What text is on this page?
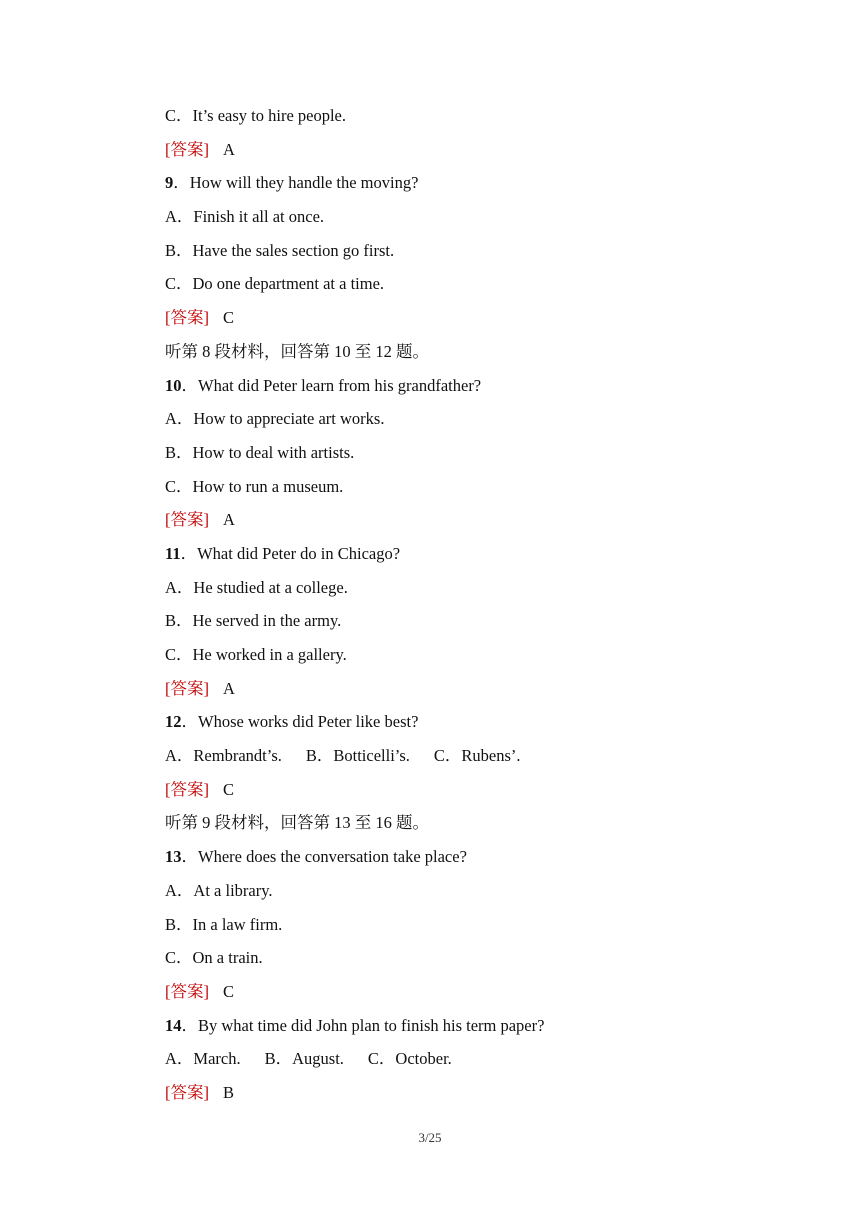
C．It’s easy to hire people.
[答案] A
9．How will they handle the moving?
A．Finish it all at once.
B．Have the sales section go first.
C．Do one department at a time.
[答案] C
听第 8 段材料，回答第 10 至 12 题。
10．What did Peter learn from his grandfather?
A．How to appreciate art works.
B．How to deal with artists.
C．How to run a museum.
[答案] A
11．What did Peter do in Chicago?
A．He studied at a college.
B．He served in the army.
C．He worked in a gallery.
[答案] A
12．Whose works did Peter like best?
A．Rembrandt’s. B．Botticelli’s. C．Rubens’.
[答案] C
听第 9 段材料，回答第 13 至 16 题。
13．Where does the conversation take place?
A．At a library.
B．In a law firm.
C．On a train.
[答案] C
14．By what time did John plan to finish his term paper?
A．March. B．August. C．October.
[答案] B
3/25
